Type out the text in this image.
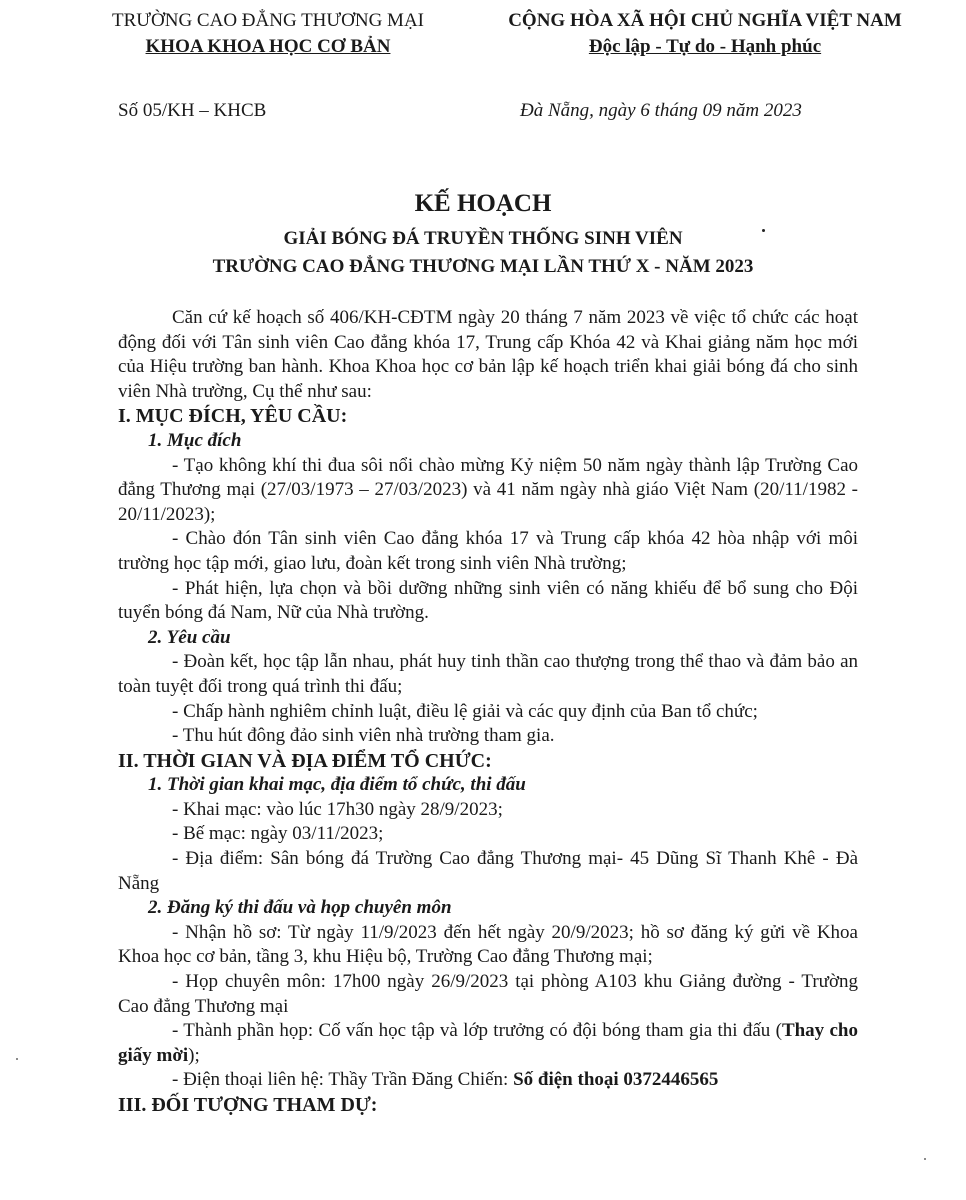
TRƯỜNG CAO ĐẲNG THƯƠNG MẠI
KHOA KHOA HỌC CƠ BẢN
CỘNG HÒA XÃ HỘI CHỦ NGHĨA VIỆT NAM
Độc lập - Tự do - Hạnh phúc
Số 05/KH – KHCB	Đà Nẵng, ngày 6 tháng 09 năm 2023
KẾ HOẠCH
GIẢI BÓNG ĐÁ TRUYỀN THỐNG SINH VIÊN
TRƯỜNG CAO ĐẲNG THƯƠNG MẠI LẦN THỨ X - NĂM 2023

Căn cứ kế hoạch số 406/KH-CĐTM ngày 20 tháng 7 năm 2023 về việc tổ chức các hoạt động đối với Tân sinh viên Cao đẳng khóa 17, Trung cấp Khóa 42 và Khai giảng năm học mới của Hiệu trường ban hành. Khoa Khoa học cơ bản lập kế hoạch triển khai giải bóng đá cho sinh viên Nhà trường, Cụ thể như sau:

I. MỤC ĐÍCH, YÊU CẦU:

1. Mục đích

- Tạo không khí thi đua sôi nổi chào mừng Kỷ niệm 50 năm ngày thành lập Trường Cao đẳng Thương mại (27/03/1973 – 27/03/2023) và 41 năm ngày nhà giáo Việt Nam (20/11/1982 - 20/11/2023);

- Chào đón Tân sinh viên Cao đẳng khóa 17 và Trung cấp khóa 42 hòa nhập với môi trường học tập mới, giao lưu, đoàn kết trong sinh viên Nhà trường;

- Phát hiện, lựa chọn và bồi dưỡng những sinh viên có năng khiếu để bổ sung cho Đội tuyển bóng đá Nam, Nữ của Nhà trường.

2. Yêu cầu

- Đoàn kết, học tập lẫn nhau, phát huy tinh thần cao thượng trong thể thao và đảm bảo an toàn tuyệt đối trong quá trình thi đấu;

- Chấp hành nghiêm chỉnh luật, điều lệ giải và các quy định của Ban tổ chức;

- Thu hút đông đảo sinh viên nhà trường tham gia.

II. THỜI GIAN VÀ ĐỊA ĐIỂM TỔ CHỨC:

1. Thời gian khai mạc, địa điểm tổ chức, thi đấu

- Khai mạc: vào lúc 17h30 ngày 28/9/2023;

- Bế mạc: ngày 03/11/2023;

- Địa điểm: Sân bóng đá Trường Cao đẳng Thương mại- 45 Dũng Sĩ Thanh Khê - Đà Nẵng

2. Đăng ký thi đấu và họp chuyên môn

- Nhận hồ sơ: Từ ngày 11/9/2023 đến hết ngày 20/9/2023; hồ sơ đăng ký gửi về Khoa Khoa học cơ bản, tầng 3, khu Hiệu bộ, Trường Cao đẳng Thương mại;

- Họp chuyên môn: 17h00 ngày 26/9/2023 tại phòng A103 khu Giảng đường - Trường Cao đẳng Thương mại

- Thành phần họp: Cố vấn học tập và lớp trưởng có đội bóng tham gia thi đấu (Thay cho giấy mời);

- Điện thoại liên hệ: Thầy Trần Đăng Chiến: Số điện thoại 0372446565

III. ĐỐI TƯỢNG THAM DỰ:
